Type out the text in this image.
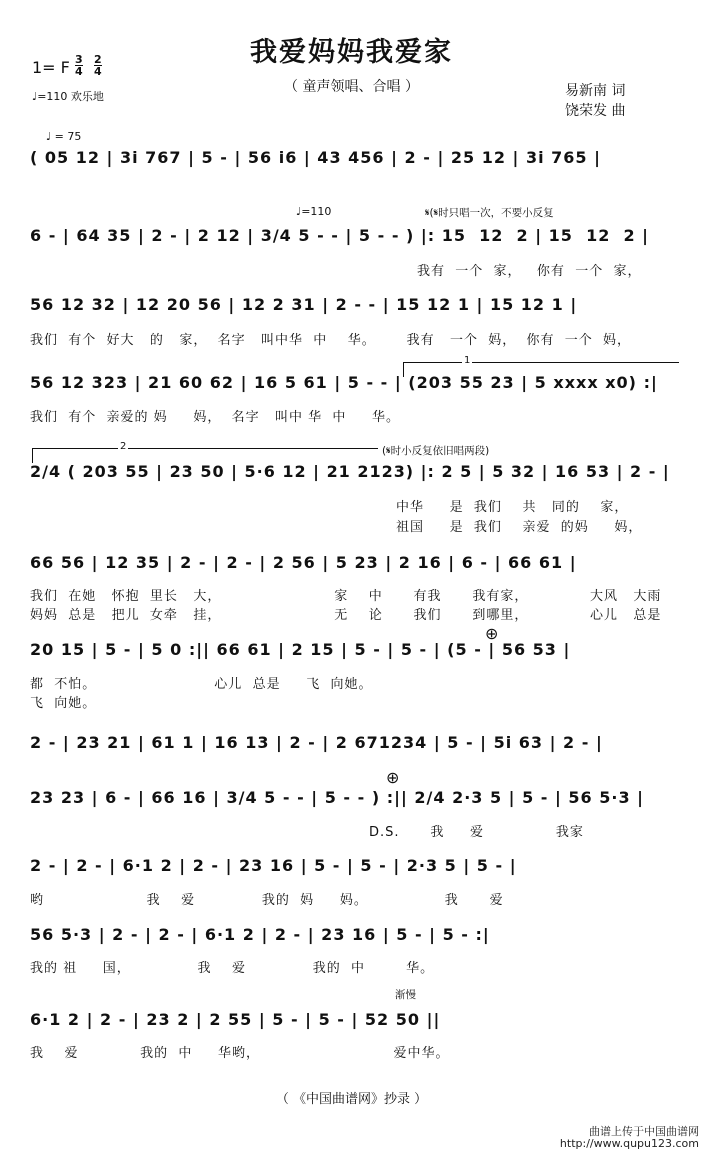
我爱妈妈我爱家
（ 童声领唱、合唱 ）
1= F 3
4
2
4
♩=110 欢乐地	易新南 词
饶荣发 曲
♩ = 75
♩=110	𝄋(𝄋时只唱一次，不要小反复
1
2	(𝄋时小反复依旧唱两段)
⊕
⊕
渐慢
( 05 12 | 3i 767 | 5 - | 56 i6 | 43 456 | 2 - | 25 12 | 3i 765 |
6 - | 64 35 | 2 - | 2 12 | 3/4 5 - - | 5 - - ) |: 15  12  2 | 15  12  2 |
我有  一个  家，   你有  一个  家，
56 12 32 | 12 20 56 | 12 2 31 | 2 - - | 15 12 1 | 15 12 1 |
我们  有个  好大   的   家，  名字   叫中华  中    华。      我有   一个  妈，  你有  一个  妈，
56 12 323 | 21 60 62 | 16 5 61 | 5 - - | (203 55 23 | 5 xxxx x0) :|
我们  有个  亲爱的 妈     妈，  名字   叫中 华  中     华。
2/4 ( 203 55 | 23 50 | 5·6 12 | 21 2123) |: 2 5 | 5 32 | 16 53 | 2 - |
中华     是  我们    共   同的    家，
祖国     是  我们    亲爱  的妈     妈，
66 56 | 12 35 | 2 - | 2 - | 2 56 | 5 23 | 2 16 | 6 - | 66 61 |
我们  在她   怀抱  里长   大，                      家    中      有我      我有家，            大风   大雨
妈妈  总是   把儿  女牵   挂，                      无    论      我们      到哪里，            心儿   总是
20 15 | 5 - | 5 0 :|| 66 61 | 2 15 | 5 - | 5 - | (5 - | 56 53 |
都  不怕。                       心儿  总是     飞  向她。
飞  向她。
2 - | 23 21 | 61 1 | 16 13 | 2 - | 2 671234 | 5 - | 5i 63 | 2 - |
23 23 | 6 - | 66 16 | 3/4 5 - - | 5 - - ) :|| 2/4 2·3 5 | 5 - | 56 5·3 |
D.S.      我     爱              我家
2 - | 2 - | 6·1 2 | 2 - | 23 16 | 5 - | 5 - | 2·3 5 | 5 - |
哟                    我    爱             我的  妈     妈。               我      爱
56 5·3 | 2 - | 2 - | 6·1 2 | 2 - | 23 16 | 5 - | 5 - :|
我的 祖     国，             我    爱             我的  中        华。
6·1 2 | 2 - | 23 2 | 2 55 | 5 - | 5 - | 52 50 ||
我    爱            我的  中     华哟，                          爱中华。
（ 《中国曲谱网》抄录 ）
曲谱上传于中国曲谱网
http://www.qupu123.com
